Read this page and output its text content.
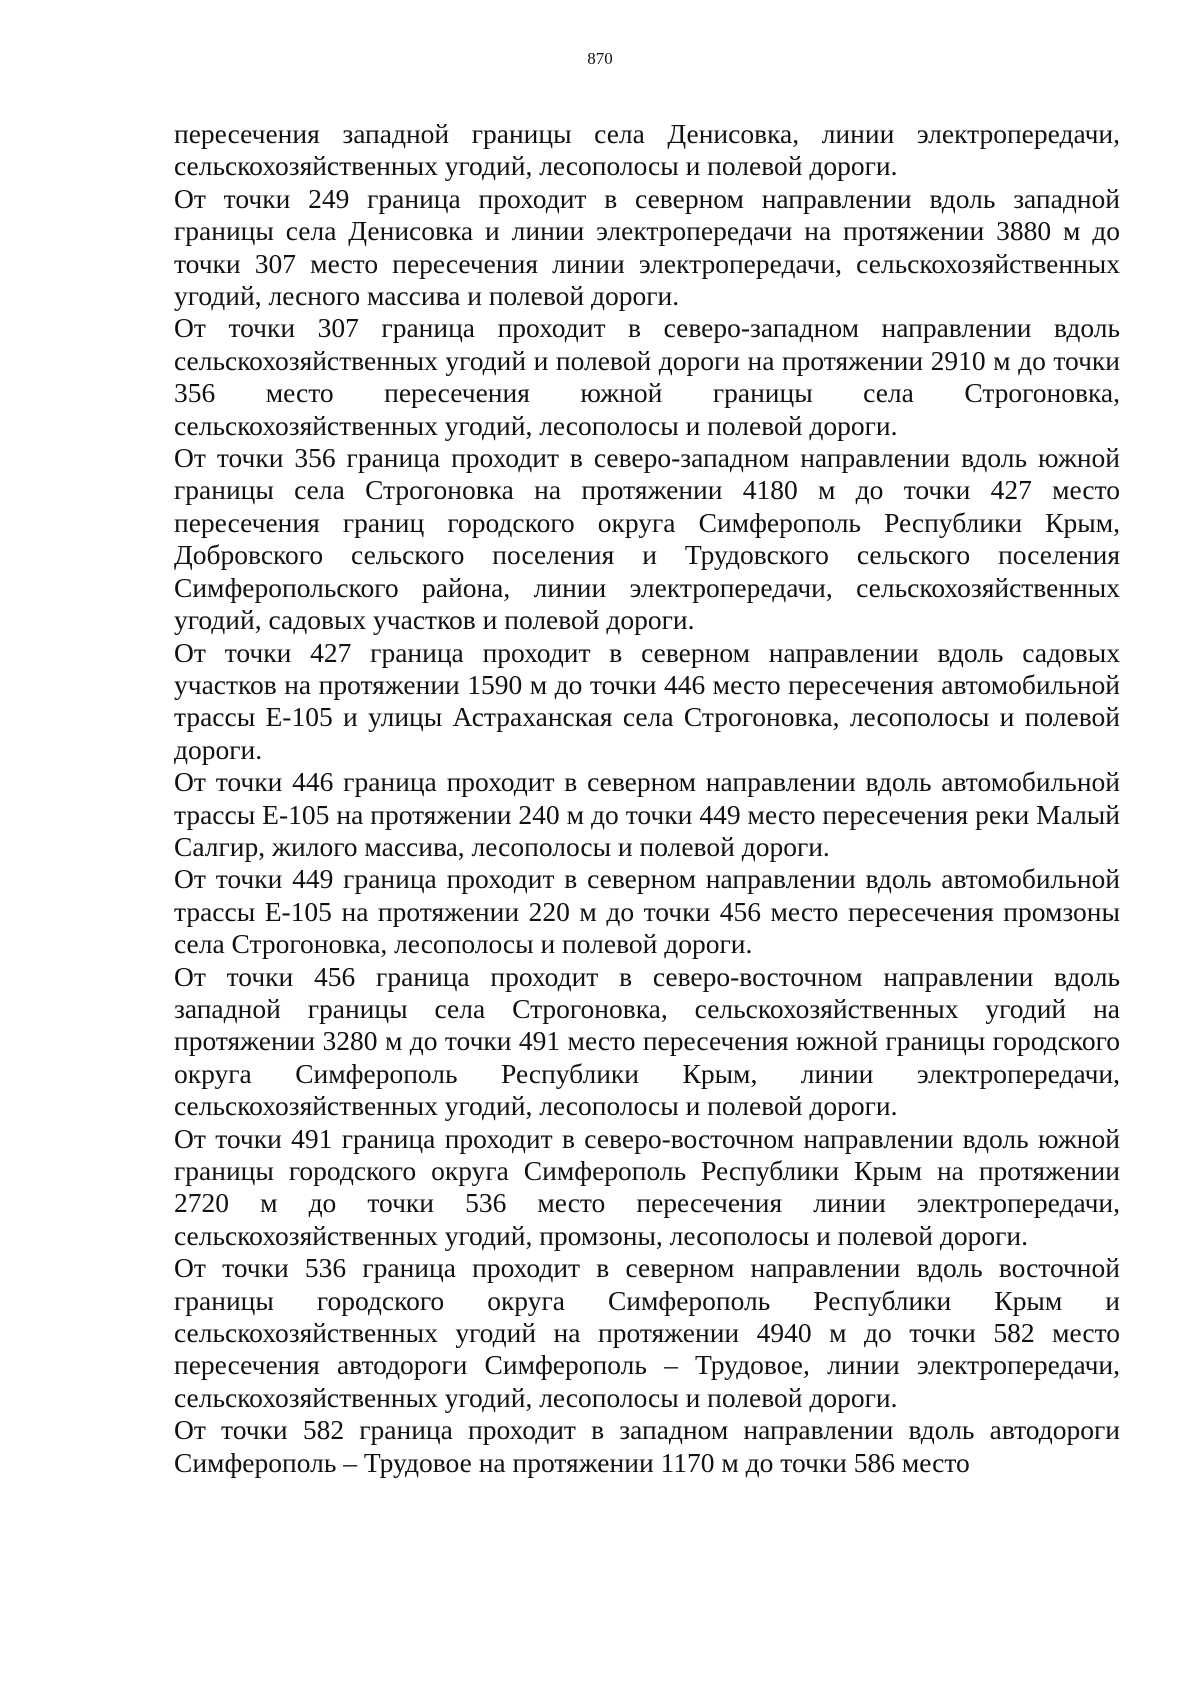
870

пересечения западной границы села Денисовка, линии электропередачи, сельскохозяйственных угодий, лесополосы и полевой дороги.

От точки 249 граница проходит в северном направлении вдоль западной границы села Денисовка и линии электропередачи на протяжении 3880 м до точки 307 место пересечения линии электропередачи, сельскохозяйственных угодий, лесного массива и полевой дороги.

От точки 307 граница проходит в северо-западном направлении вдоль сельскохозяйственных угодий и полевой дороги на протяжении 2910 м до точки 356 место пересечения южной границы села Строгоновка, сельскохозяйственных угодий, лесополосы и полевой дороги.

От точки 356 граница проходит в северо-западном направлении вдоль южной границы села Строгоновка на протяжении 4180 м до точки 427 место пересечения границ городского округа Симферополь Республики Крым, Добровского сельского поселения и Трудовского сельского поселения Симферопольского района, линии электропередачи, сельскохозяйственных угодий, садовых участков и полевой дороги.

От точки 427 граница проходит в северном направлении вдоль садовых участков на протяжении 1590 м до точки 446 место пересечения автомобильной трассы Е-105 и улицы Астраханская села Строгоновка, лесополосы и полевой дороги.

От точки 446 граница проходит в северном направлении вдоль автомобильной трассы Е-105 на протяжении 240 м до точки 449 место пересечения реки Малый Салгир, жилого массива, лесополосы и полевой дороги.

От точки 449 граница проходит в северном направлении вдоль автомобильной трассы Е-105 на протяжении 220 м до точки 456 место пересечения промзоны села Строгоновка, лесополосы и полевой дороги.

От точки 456 граница проходит в северо-восточном направлении вдоль западной границы села Строгоновка, сельскохозяйственных угодий на протяжении 3280 м до точки 491 место пересечения южной границы городского округа Симферополь Республики Крым, линии электропередачи, сельскохозяйственных угодий, лесополосы и полевой дороги.

От точки 491 граница проходит в северо-восточном направлении вдоль южной границы городского округа Симферополь Республики Крым на протяжении 2720 м до точки 536 место пересечения линии электропередачи, сельскохозяйственных угодий, промзоны, лесополосы и полевой дороги.

От точки 536 граница проходит в северном направлении вдоль восточной границы городского округа Симферополь Республики Крым и сельскохозяйственных угодий на протяжении 4940 м до точки 582 место пересечения автодороги Симферополь – Трудовое, линии электропередачи, сельскохозяйственных угодий, лесополосы и полевой дороги.

От точки 582 граница проходит в западном направлении вдоль автодороги Симферополь – Трудовое на протяжении 1170 м до точки 586 место
